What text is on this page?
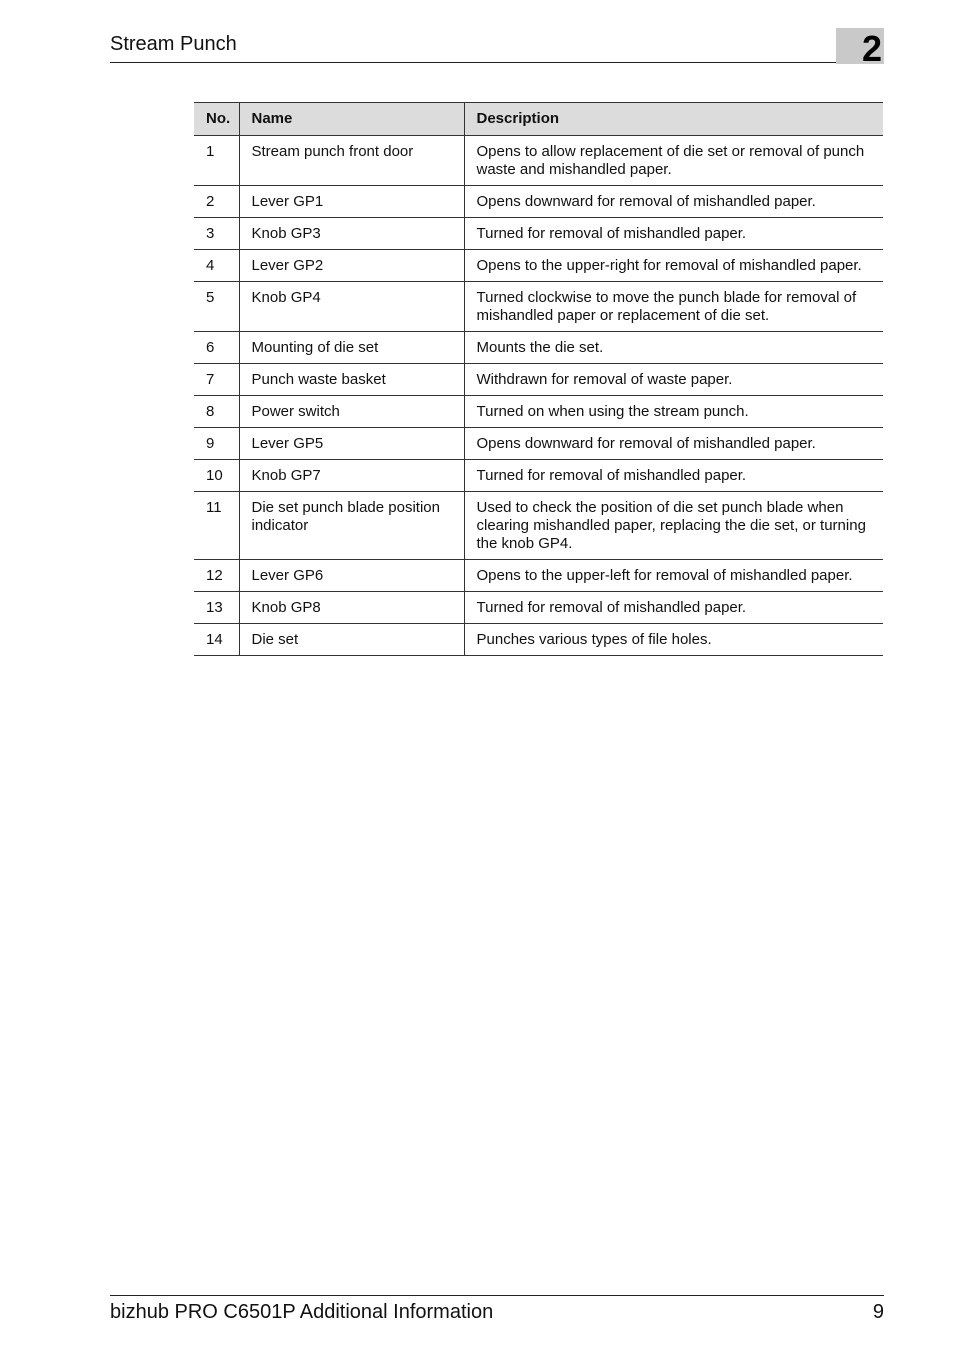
Stream Punch	2
No.	Name	Description
1	Stream punch front door	Opens to allow replacement of die set or removal of punch waste and mishandled paper.
2	Lever GP1	Opens downward for removal of mishandled paper.
3	Knob GP3	Turned for removal of mishandled paper.
4	Lever GP2	Opens to the upper-right for removal of mishandled paper.
5	Knob GP4	Turned clockwise to move the punch blade for removal of mishandled paper or replacement of die set.
6	Mounting of die set	Mounts the die set.
7	Punch waste basket	Withdrawn for removal of waste paper.
8	Power switch	Turned on when using the stream punch.
9	Lever GP5	Opens downward for removal of mishandled paper.
10	Knob GP7	Turned for removal of mishandled paper.
11	Die set punch blade position indicator	Used to check the position of die set punch blade when clearing mishandled paper, replacing the die set, or turning the knob GP4.
12	Lever GP6	Opens to the upper-left for removal of mishandled paper.
13	Knob GP8	Turned for removal of mishandled paper.
14	Die set	Punches various types of file holes.
bizhub PRO C6501P Additional Information	9
